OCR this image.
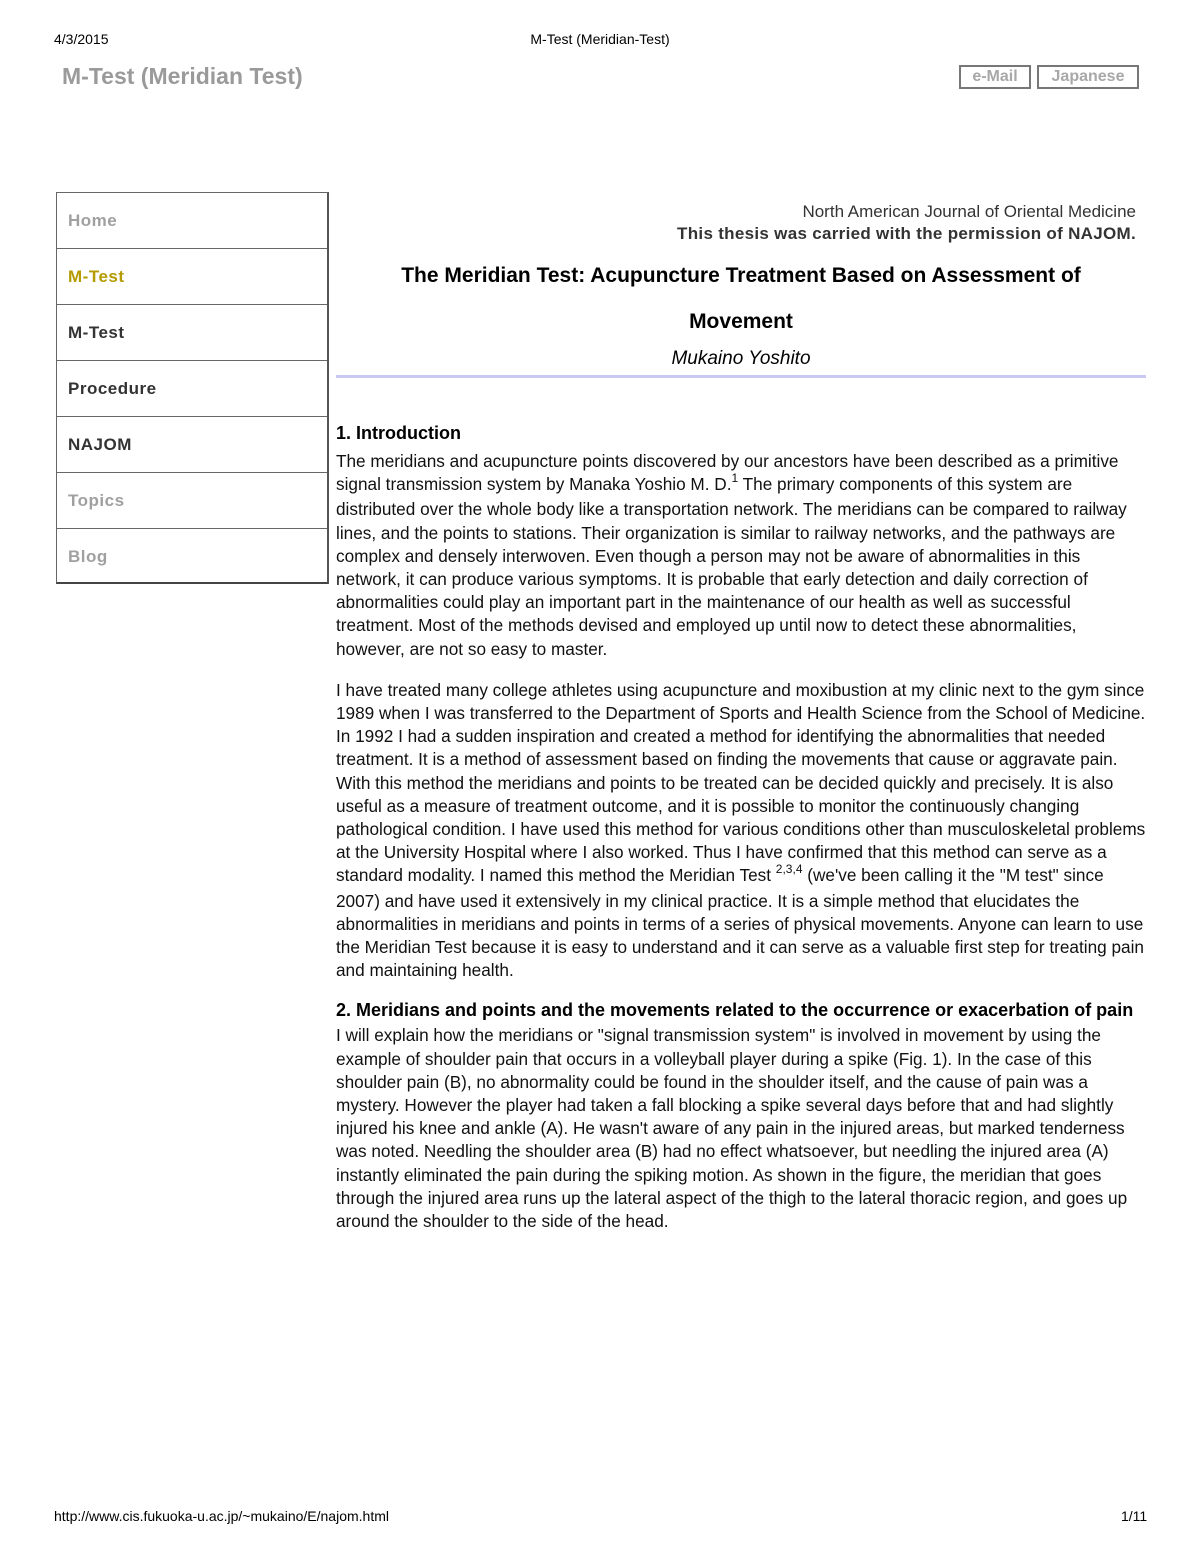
4/3/2015	M-Test (Meridian-Test)
M-Test (Meridian Test)	e-Mail	Japanese
Home
M-Test
M-Test
Procedure
NAJOM
Topics
Blog
North American Journal of Oriental Medicine
This thesis was carried with the permission of NAJOM.
The Meridian Test: Acupuncture Treatment Based on Assessment of
Movement
Mukaino Yoshito
1. Introduction

The meridians and acupuncture points discovered by our ancestors have been described as a primitive signal transmission system by Manaka Yoshio M. D.$^1$ The primary components of this system are distributed over the whole body like a transportation network. The meridians can be compared to railway lines, and the points to stations. Their organization is similar to railway networks, and the pathways are complex and densely interwoven. Even though a person may not be aware of abnormalities in this network, it can produce various symptoms. It is probable that early detection and daily correction of abnormalities could play an important part in the maintenance of our health as well as successful treatment. Most of the methods devised and employed up until now to detect these abnormalities, however, are not so easy to master.

I have treated many college athletes using acupuncture and moxibustion at my clinic next to the gym since 1989 when I was transferred to the Department of Sports and Health Science from the School of Medicine. In 1992 I had a sudden inspiration and created a method for identifying the abnormalities that needed treatment. It is a method of assessment based on finding the movements that cause or aggravate pain. With this method the meridians and points to be treated can be decided quickly and precisely. It is also useful as a measure of treatment outcome, and it is possible to monitor the continuously changing pathological condition. I have used this method for various conditions other than musculoskeletal problems at the University Hospital where I also worked. Thus I have confirmed that this method can serve as a standard modality. I named this method the Meridian Test $^{2,3,4}$ (we've been calling it the "M test" since 2007) and have used it extensively in my clinical practice. It is a simple method that elucidates the abnormalities in meridians and points in terms of a series of physical movements. Anyone can learn to use the Meridian Test because it is easy to understand and it can serve as a valuable first step for treating pain and maintaining health.

2. Meridians and points and the movements related to the occurrence or exacerbation of pain

I will explain how the meridians or "signal transmission system" is involved in movement by using the example of shoulder pain that occurs in a volleyball player during a spike (Fig. 1). In the case of this shoulder pain (B), no abnormality could be found in the shoulder itself, and the cause of pain was a mystery. However the player had taken a fall blocking a spike several days before that and had slightly injured his knee and ankle (A). He wasn't aware of any pain in the injured areas, but marked tenderness was noted. Needling the shoulder area (B) had no effect whatsoever, but needling the injured area (A) instantly eliminated the pain during the spiking motion. As shown in the figure, the meridian that goes through the injured area runs up the lateral aspect of the thigh to the lateral thoracic region, and goes up around the shoulder to the side of the head.

http://www.cis.fukuoka-u.ac.jp/~mukaino/E/najom.html	1/11
